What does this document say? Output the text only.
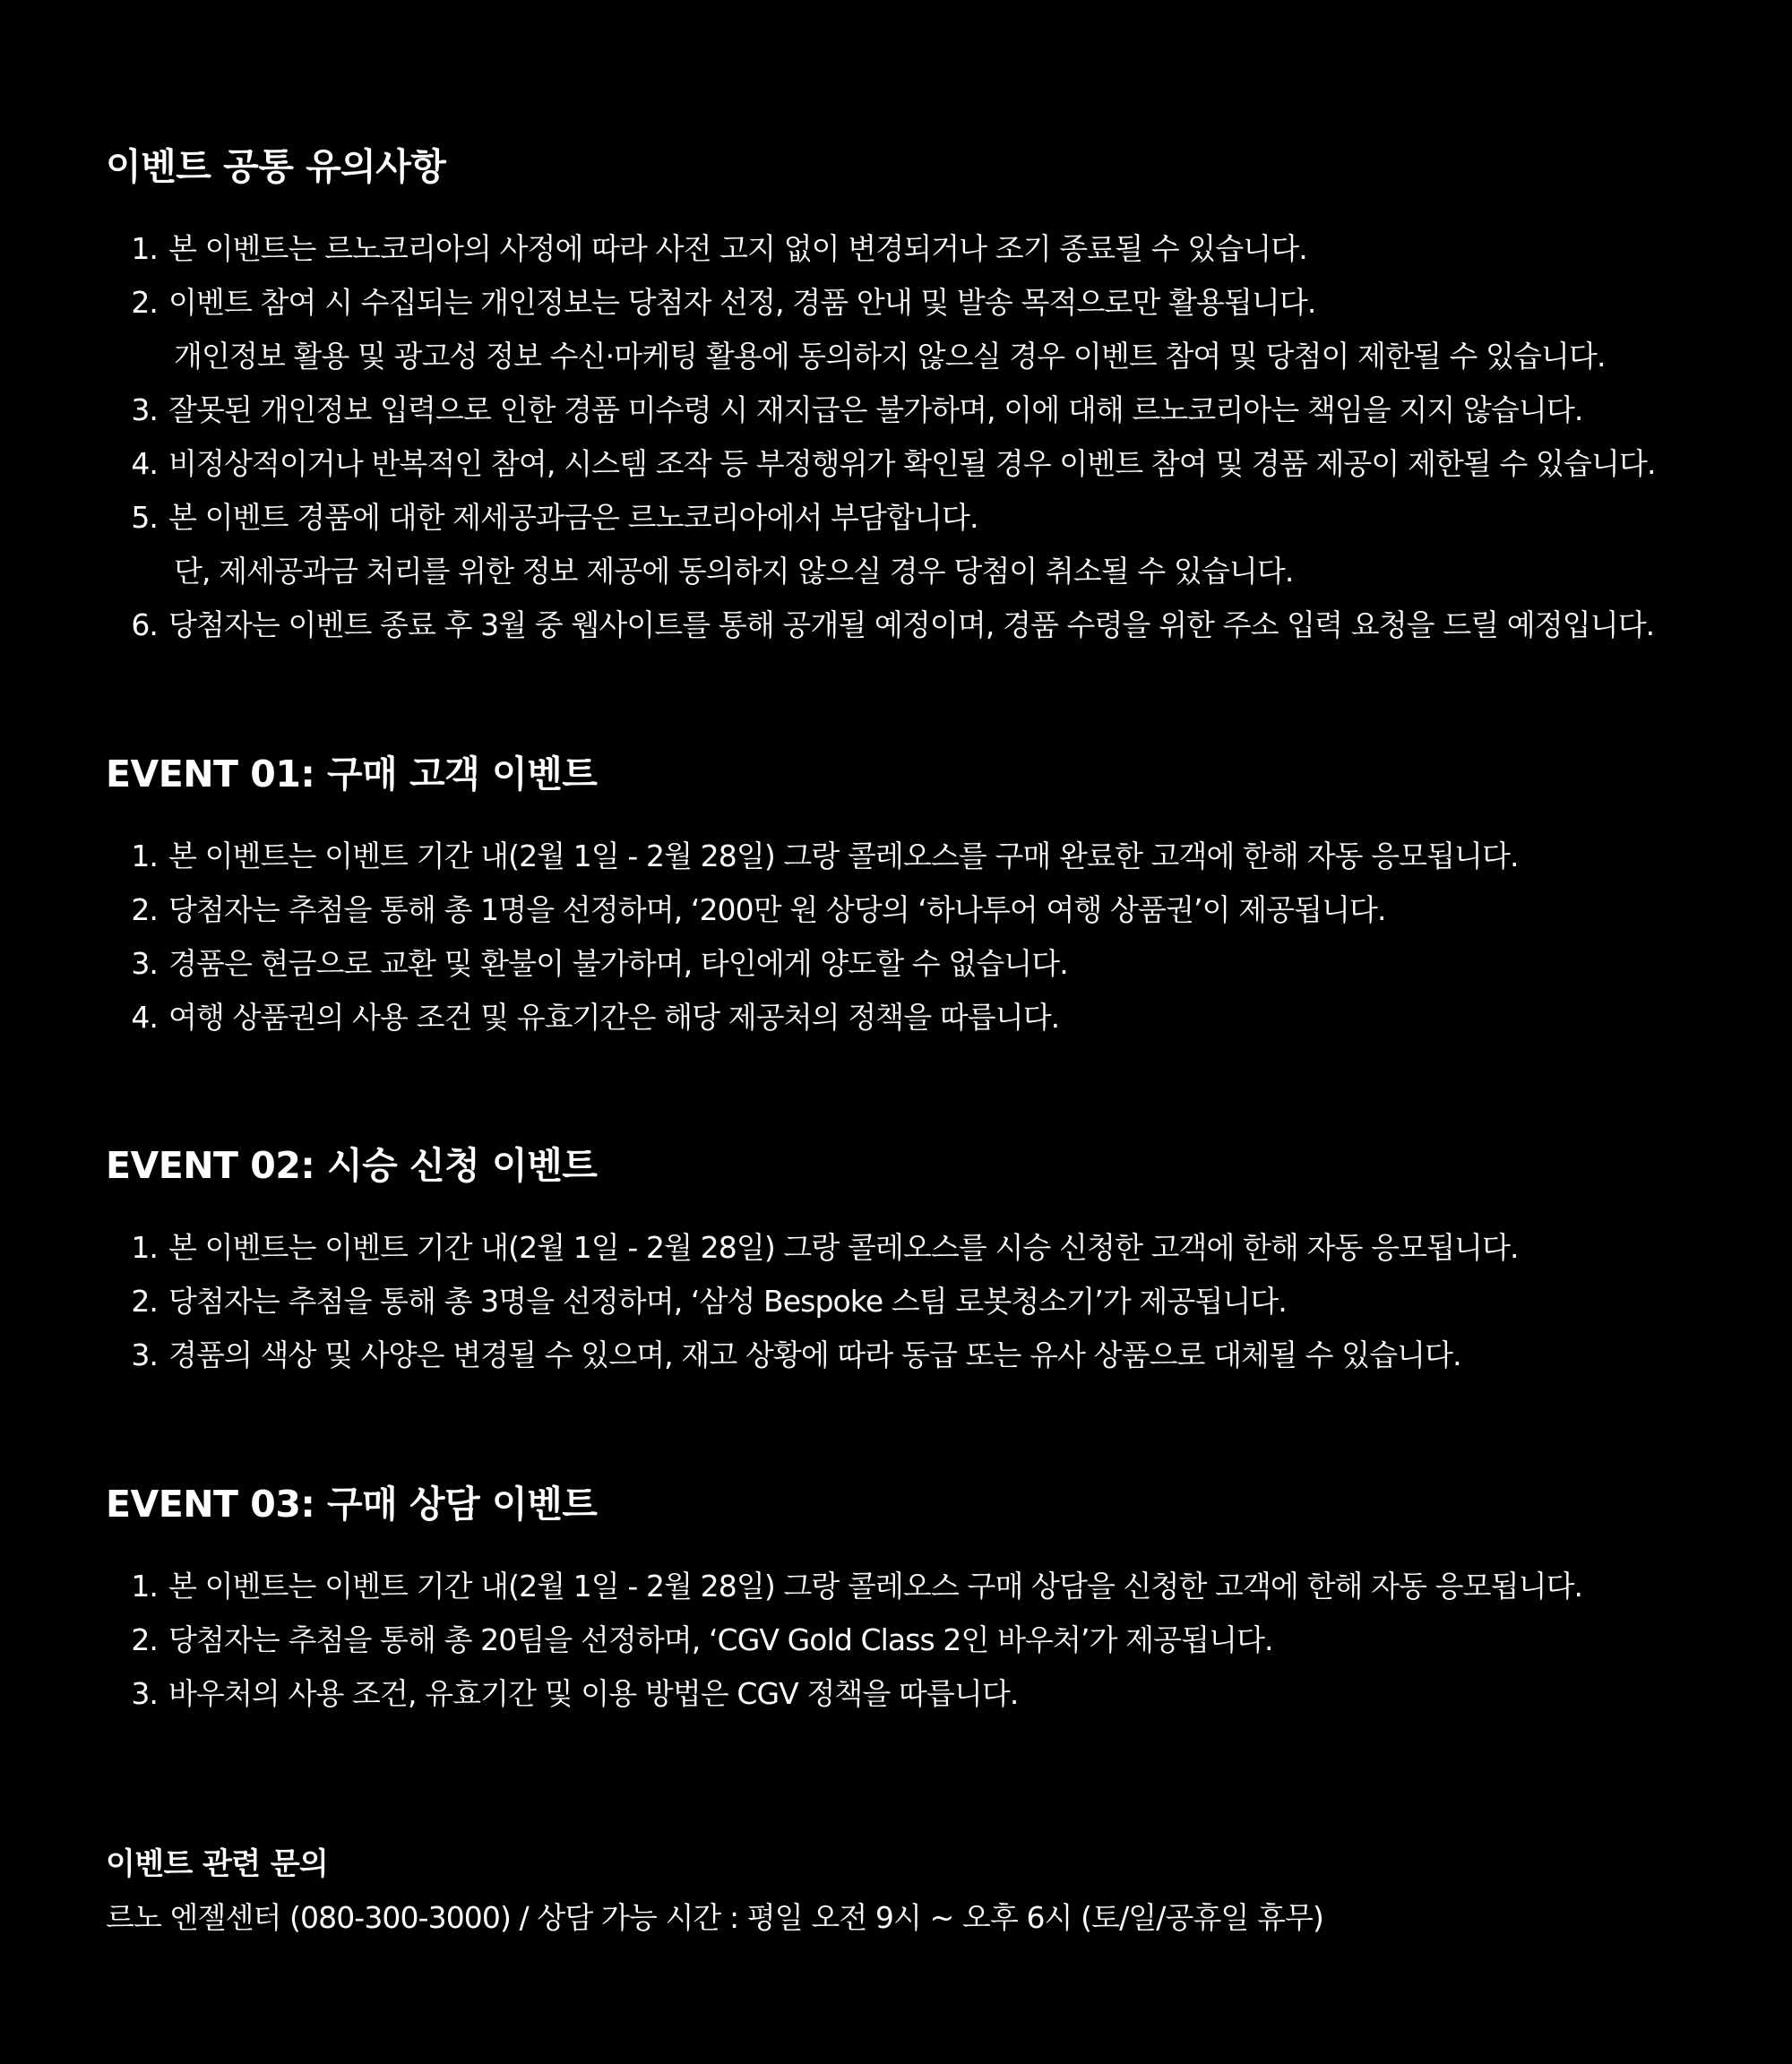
이벤트 공통 유의사항
1. 본 이벤트는 르노코리아의 사정에 따라 사전 고지 없이 변경되거나 조기 종료될 수 있습니다.
2. 이벤트 참여 시 수집되는 개인정보는 당첨자 선정, 경품 안내 및 발송 목적으로만 활용됩니다.
개인정보 활용 및 광고성 정보 수신·마케팅 활용에 동의하지 않으실 경우 이벤트 참여 및 당첨이 제한될 수 있습니다.
3. 잘못된 개인정보 입력으로 인한 경품 미수령 시 재지급은 불가하며, 이에 대해 르노코리아는 책임을 지지 않습니다.
4. 비정상적이거나 반복적인 참여, 시스템 조작 등 부정행위가 확인될 경우 이벤트 참여 및 경품 제공이 제한될 수 있습니다.
5. 본 이벤트 경품에 대한 제세공과금은 르노코리아에서 부담합니다.
단, 제세공과금 처리를 위한 정보 제공에 동의하지 않으실 경우 당첨이 취소될 수 있습니다.
6. 당첨자는 이벤트 종료 후 3월 중 웹사이트를 통해 공개될 예정이며, 경품 수령을 위한 주소 입력 요청을 드릴 예정입니다.
EVENT 01: 구매 고객 이벤트
1. 본 이벤트는 이벤트 기간 내(2월 1일 - 2월 28일) 그랑 콜레오스를 구매 완료한 고객에 한해 자동 응모됩니다.
2. 당첨자는 추첨을 통해 총 1명을 선정하며, ‘200만 원 상당의 ‘하나투어 여행 상품권’이 제공됩니다.
3. 경품은 현금으로 교환 및 환불이 불가하며, 타인에게 양도할 수 없습니다.
4. 여행 상품권의 사용 조건 및 유효기간은 해당 제공처의 정책을 따릅니다.
EVENT 02: 시승 신청 이벤트
1. 본 이벤트는 이벤트 기간 내(2월 1일 - 2월 28일) 그랑 콜레오스를 시승 신청한 고객에 한해 자동 응모됩니다.
2. 당첨자는 추첨을 통해 총 3명을 선정하며, ‘삼성 Bespoke 스팀 로봇청소기’가 제공됩니다.
3. 경품의 색상 및 사양은 변경될 수 있으며, 재고 상황에 따라 동급 또는 유사 상품으로 대체될 수 있습니다.
EVENT 03: 구매 상담 이벤트
1. 본 이벤트는 이벤트 기간 내(2월 1일 - 2월 28일) 그랑 콜레오스 구매 상담을 신청한 고객에 한해 자동 응모됩니다.
2. 당첨자는 추첨을 통해 총 20팀을 선정하며, ‘CGV Gold Class 2인 바우처’가 제공됩니다.
3. 바우처의 사용 조건, 유효기간 및 이용 방법은 CGV 정책을 따릅니다.
이벤트 관련 문의
르노 엔젤센터 (080-300-3000) / 상담 가능 시간 : 평일 오전 9시 ~ 오후 6시 (토/일/공휴일 휴무)
